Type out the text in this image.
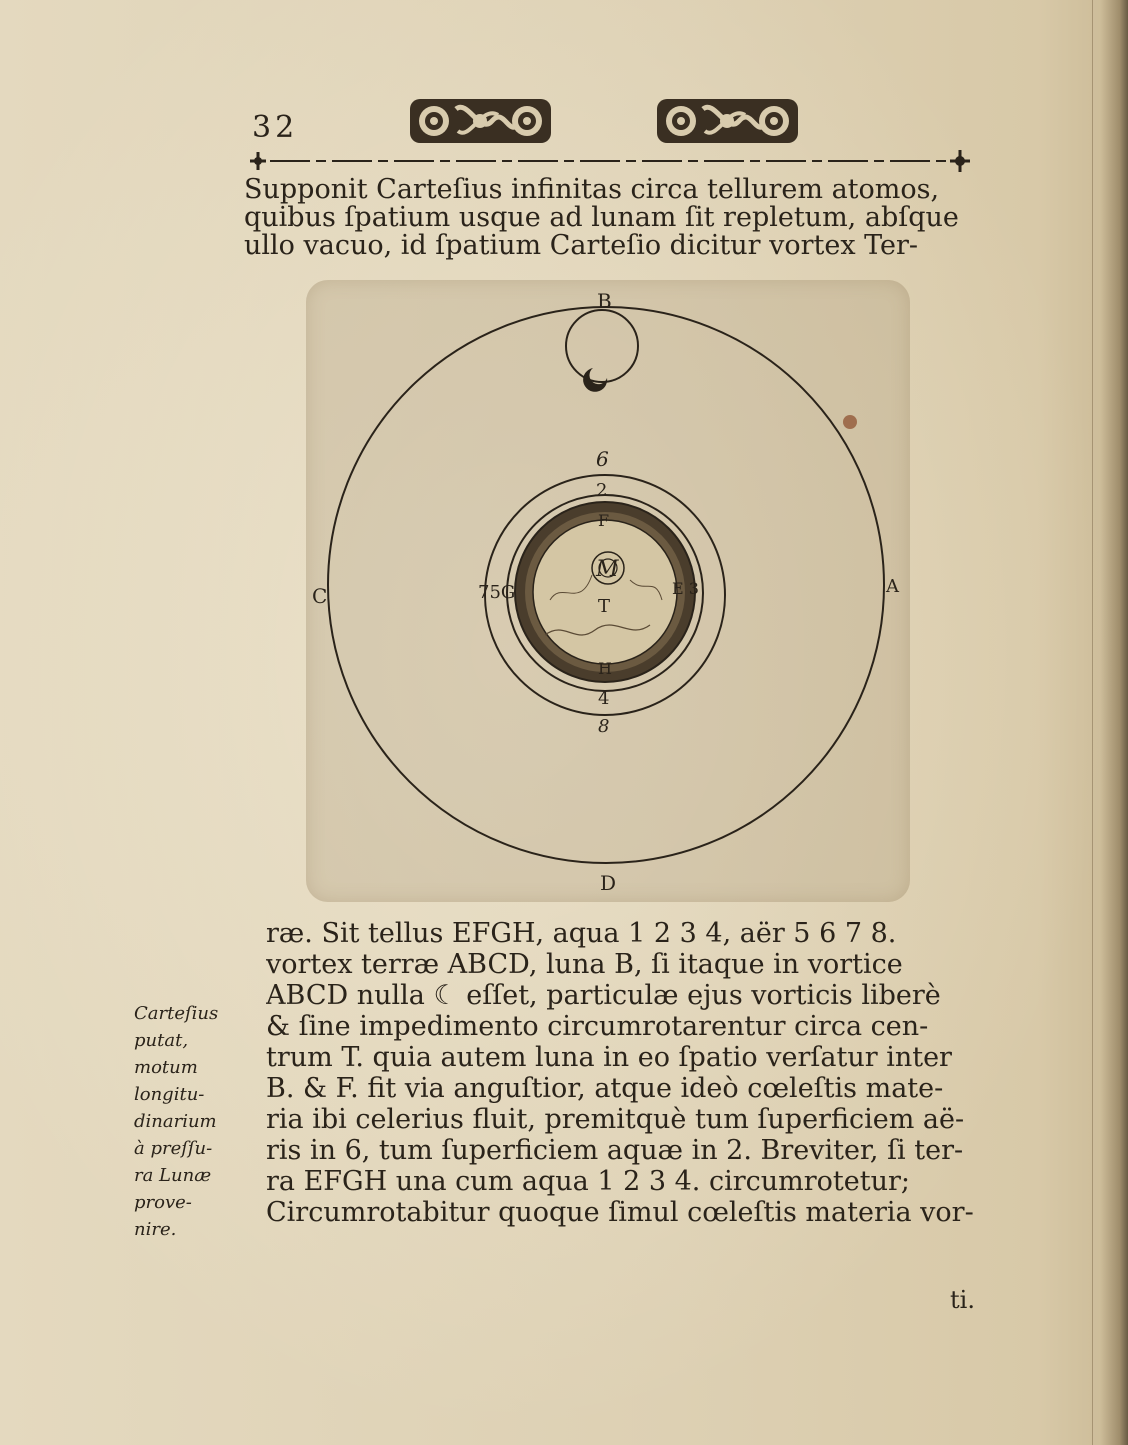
32
Supponit Carteſius infinitas circa tellurem atomos,
quibus ſpatium usque ad lunam ſit repletum, abſque
ullo vacuo, id ſpatium Carteſio dicitur vortex Ter-
B
C	A
D
6
2
F
M
T
75G	E 3
H
4
8
ræ. Sit tellus EFGH, aqua 1 2 3 4, aër 5 6 7 8.
vortex terræ ABCD, luna B, ſi itaque in vortice
ABCD nulla ☾ eſſet, particulæ ejus vorticis liberè
& ſine impedimento circumrotarentur circa cen-
trum T. quia autem luna in eo ſpatio verſatur inter
B. & F. fit via anguſtior, atque ideò cœleſtis mate-
ria ibi celerius fluit, premitquè tum ſuperficiem aë-
ris in 6, tum ſuperficiem aquæ in 2. Breviter, ſi ter-
ra EFGH una cum aqua 1 2 3 4. circumrotetur;
Circumrotabitur quoque ſimul cœleſtis materia vor-
ti.
Carteſius
putat,
motum
longitu-
dinarium
à preſſu-
ra Lunæ
prove-
nire.
